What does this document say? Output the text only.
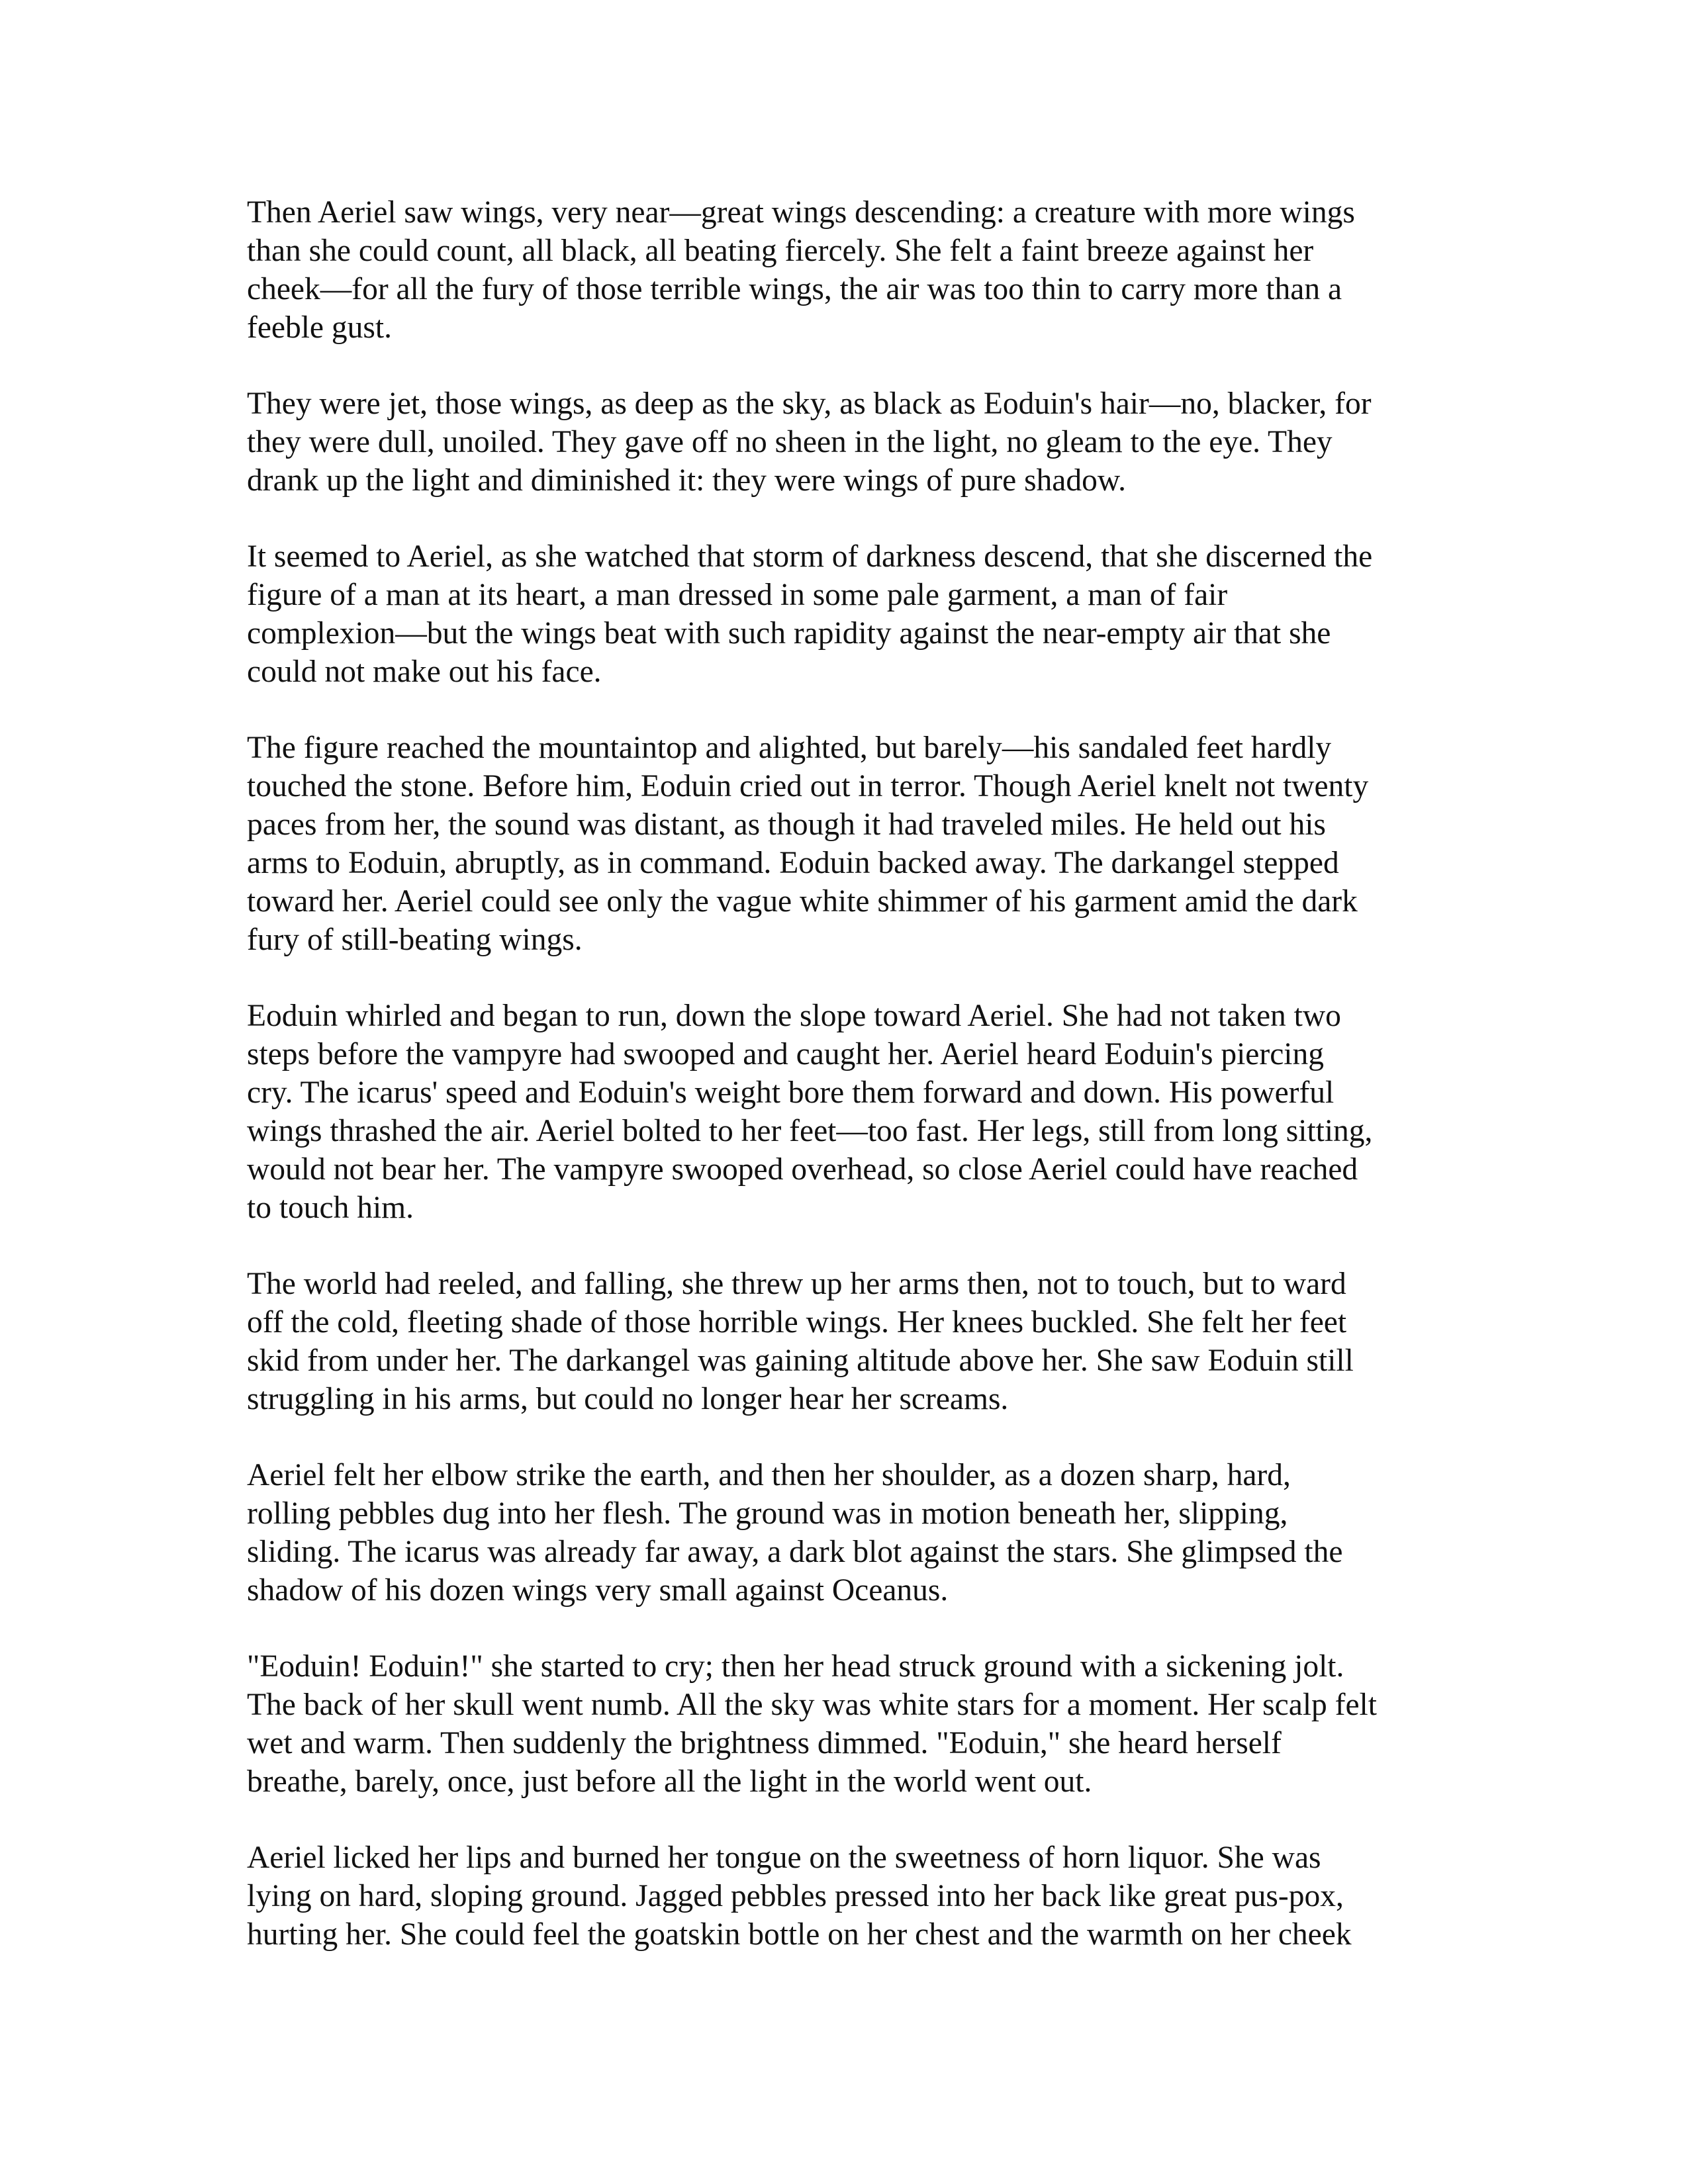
Then Aeriel saw wings, very near—great wings descending: a creature with more wings
than she could count, all black, all beating fiercely. She felt a faint breeze against her
cheek—for all the fury of those terrible wings, the air was too thin to carry more than a
feeble gust.

They were jet, those wings, as deep as the sky, as black as Eoduin's hair—no, blacker, for
they were dull, unoiled. They gave off no sheen in the light, no gleam to the eye. They
drank up the light and diminished it: they were wings of pure shadow.

It seemed to Aeriel, as she watched that storm of darkness descend, that she discerned the
figure of a man at its heart, a man dressed in some pale garment, a man of fair
complexion—but the wings beat with such rapidity against the near-empty air that she
could not make out his face.

The figure reached the mountaintop and alighted, but barely—his sandaled feet hardly
touched the stone. Before him, Eoduin cried out in terror. Though Aeriel knelt not twenty
paces from her, the sound was distant, as though it had traveled miles. He held out his
arms to Eoduin, abruptly, as in command. Eoduin backed away. The darkangel stepped
toward her. Aeriel could see only the vague white shimmer of his garment amid the dark
fury of still-beating wings.

Eoduin whirled and began to run, down the slope toward Aeriel. She had not taken two
steps before the vampyre had swooped and caught her. Aeriel heard Eoduin's piercing
cry. The icarus' speed and Eoduin's weight bore them forward and down. His powerful
wings thrashed the air. Aeriel bolted to her feet—too fast. Her legs, still from long sitting,
would not bear her. The vampyre swooped overhead, so close Aeriel could have reached
to touch him.

The world had reeled, and falling, she threw up her arms then, not to touch, but to ward
off the cold, fleeting shade of those horrible wings. Her knees buckled. She felt her feet
skid from under her. The darkangel was gaining altitude above her. She saw Eoduin still
struggling in his arms, but could no longer hear her screams.

Aeriel felt her elbow strike the earth, and then her shoulder, as a dozen sharp, hard,
rolling pebbles dug into her flesh. The ground was in motion beneath her, slipping,
sliding. The icarus was already far away, a dark blot against the stars. She glimpsed the
shadow of his dozen wings very small against Oceanus.

"Eoduin! Eoduin!" she started to cry; then her head struck ground with a sickening jolt.
The back of her skull went numb. All the sky was white stars for a moment. Her scalp felt
wet and warm. Then suddenly the brightness dimmed. "Eoduin," she heard herself
breathe, barely, once, just before all the light in the world went out.

Aeriel licked her lips and burned her tongue on the sweetness of horn liquor. She was
lying on hard, sloping ground. Jagged pebbles pressed into her back like great pus-pox,
hurting her. She could feel the goatskin bottle on her chest and the warmth on her cheek
